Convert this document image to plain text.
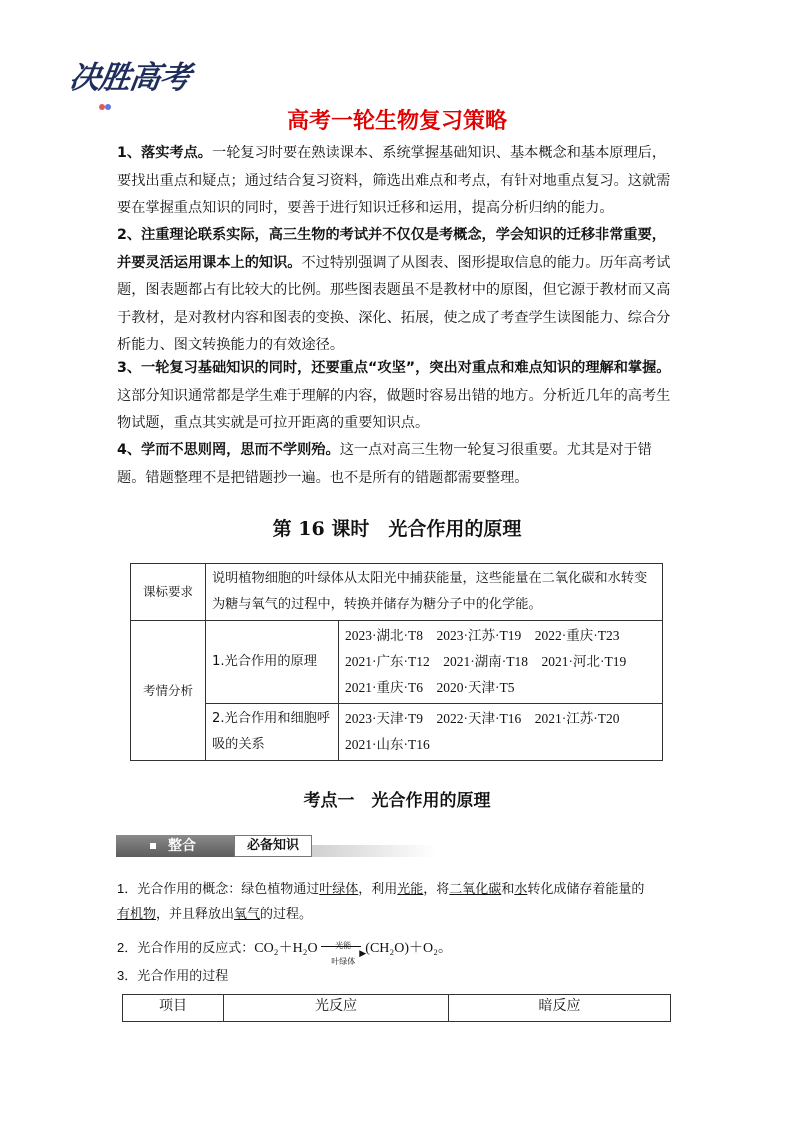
决胜高考
高考一轮生物复习策略

1、落实考点。一轮复习时要在熟读课本、系统掌握基础知识、基本概念和基本原理后，要找出重点和疑点；通过结合复习资料，筛选出难点和考点，有针对地重点复习。这就需要在掌握重点知识的同时，要善于进行知识迁移和运用，提高分析归纳的能力。

2、注重理论联系实际，高三生物的考试并不仅仅是考概念，学会知识的迁移非常重要，并要灵活运用课本上的知识。不过特别强调了从图表、图形提取信息的能力。历年高考试题，图表题都占有比较大的比例。那些图表题虽不是教材中的原图，但它源于教材而又高于教材，是对教材内容和图表的变换、深化、拓展，使之成了考查学生读图能力、综合分析能力、图文转换能力的有效途径。

3、一轮复习基础知识的同时，还要重点“攻坚”，突出对重点和难点知识的理解和掌握。这部分知识通常都是学生难于理解的内容，做题时容易出错的地方。分析近几年的高考生物试题，重点其实就是可拉开距离的重要知识点。

4、学而不思则罔，思而不学则殆。这一点对高三生物一轮复习很重要。尤其是对于错题。错题整理不是把错题抄一遍。也不是所有的错题都需要整理。

第 16 课时　光合作用的原理
课标要求	说明植物细胞的叶绿体从太阳光中捕获能量，这些能量在二氧化碳和水转变为糖与氧气的过程中，转换并储存为糖分子中的化学能。	
考情分析	1.光合作用的原理	2023·湖北·T8　2023·江苏·T19　2022·重庆·T23
2021·广东·T12　2021·湖南·T18　2021·河北·T19
2021·重庆·T6　2020·天津·T5

	2.光合作用和细胞呼吸的关系	2023·天津·T9　2022·天津·T16　2021·江苏·T20
2021·山东·T16
考点一　光合作用的原理
整合	必备知识

1．光合作用的概念：绿色植物通过叶绿体，利用光能，将二氧化碳和水转化成储存着能量的
有机物，并且释放出氧气的过程。

2．光合作用的反应式：CO₂＋H₂O	光能
▶
叶绿体
(CH₂O)＋O₂。

3．光合作用的过程

项目	光反应	暗反应
